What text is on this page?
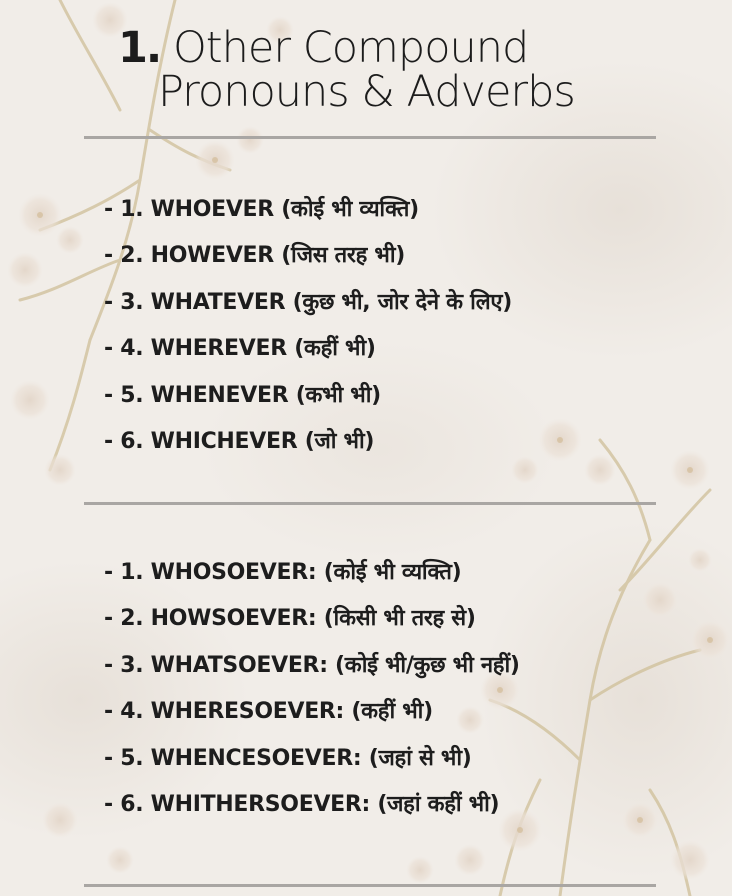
1. Other Compound
Pronouns & Adverbs
- 1. WHOEVER (कोई भी व्यक्ति)
- 2. HOWEVER (जिस तरह भी)
- 3. WHATEVER (कुछ भी, जोर देने के लिए)
- 4. WHEREVER (कहीं भी)
- 5. WHENEVER (कभी भी)
- 6. WHICHEVER (जो भी)
- 1. WHOSOEVER: (कोई भी व्यक्ति)
- 2. HOWSOEVER: (किसी भी तरह से)
- 3. WHATSOEVER: (कोई भी/कुछ भी नहीं)
- 4. WHERESOEVER: (कहीं भी)
- 5. WHENCESOEVER: (जहां से भी)
- 6. WHITHERSOEVER: (जहां कहीं भी)
